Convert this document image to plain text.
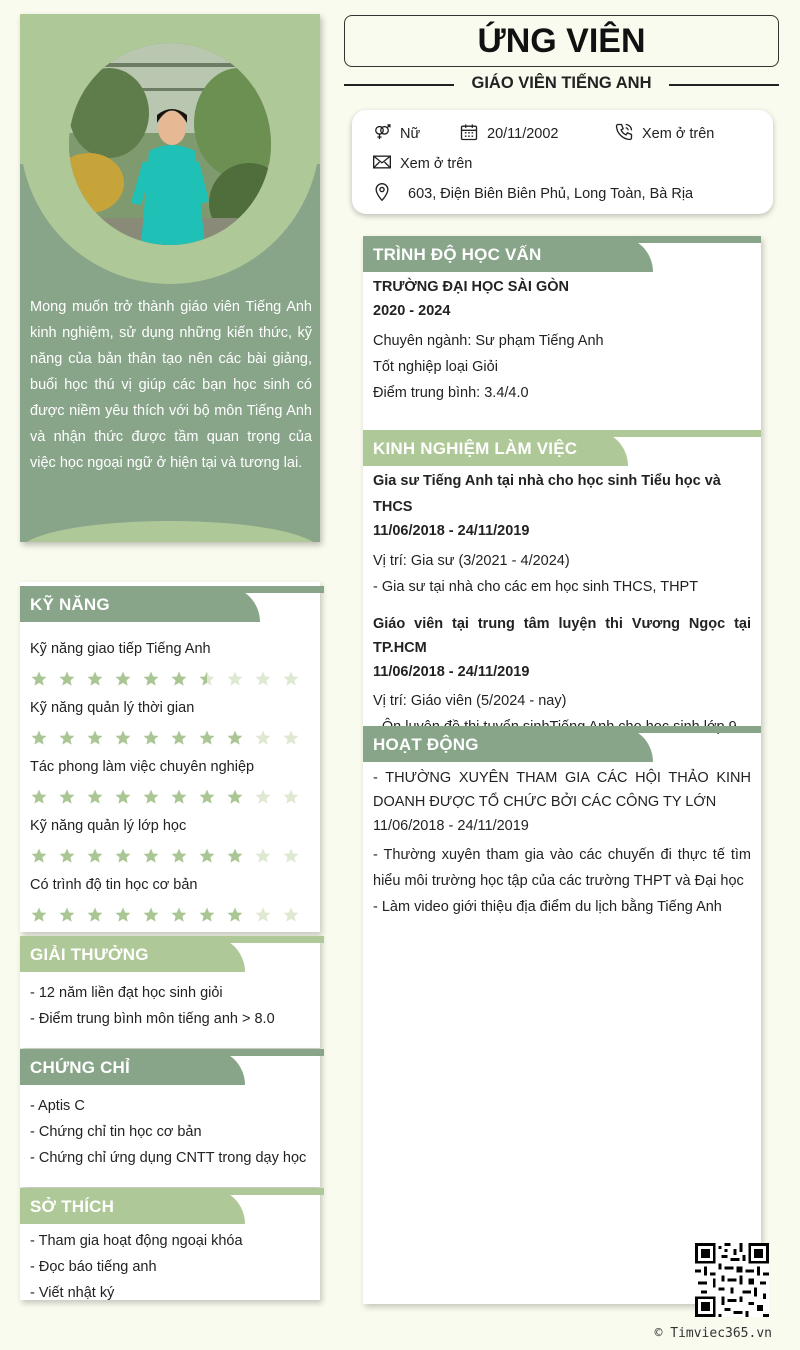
Mong muốn trở thành giáo viên Tiếng Anh kinh nghiệm, sử dụng những kiến thức, kỹ năng của bản thân tạo nên các bài giảng, buổi học thú vị giúp các bạn học sinh có được niềm yêu thích với bộ môn Tiếng Anh và nhận thức được tầm quan trọng của việc học ngoại ngữ ở hiện tại và tương lai.
KỸ NĂNG
Kỹ năng giao tiếp Tiếng Anh
Kỹ năng quản lý thời gian
Tác phong làm việc chuyên nghiệp
Kỹ năng quản lý lớp học
Có trình độ tin học cơ bản
GIẢI THƯỞNG
- 12 năm liền đạt học sinh giỏi
- Điểm trung bình môn tiếng anh > 8.0
CHỨNG CHỈ
- Aptis C
- Chứng chỉ tin học cơ bản
- Chứng chỉ ứng dụng CNTT trong dạy học
SỞ THÍCH
- Tham gia hoạt động ngoại khóa
- Đọc báo tiếng anh
- Viết nhật ký
ỨNG VIÊN
GIÁO VIÊN TIẾNG ANH
Nữ	20/11/2002	Xem ở trên
Xem ở trên
603, Điện Biên Biên Phủ, Long Toàn, Bà Rịa
TRÌNH ĐỘ HỌC VẤN
TRƯỜNG ĐẠI HỌC SÀI GÒN
2020 - 2024
Chuyên ngành: Sư phạm Tiếng Anh
Tốt nghiệp loại Giỏi
Điểm trung bình: 3.4/4.0
KINH NGHIỆM LÀM VIỆC
Gia sư Tiếng Anh tại nhà cho học sinh Tiểu học và THCS
11/06/2018 - 24/11/2019
Vị trí: Gia sư (3/2021 - 4/2024)
- Gia sư tại nhà cho các em học sinh THCS, THPT
Giáo viên tại trung tâm luyện thi Vương Ngọc tại TP.HCM
11/06/2018 - 24/11/2019
Vị trí: Giáo viên (5/2024 - nay)
HOẠT ĐỘNG
- THƯỜNG XUYÊN THAM GIA CÁC HỘI THẢO KINH DOANH ĐƯỢC TỔ CHỨC BỞI CÁC CÔNG TY LỚN
11/06/2018 - 24/11/2019
- Thường xuyên tham gia vào các chuyến đi thực tế tìm hiểu môi trường học tập của các trường THPT và Đại học
- Làm video giới thiệu địa điểm du lịch bằng Tiếng Anh
© Timviec365.vn
